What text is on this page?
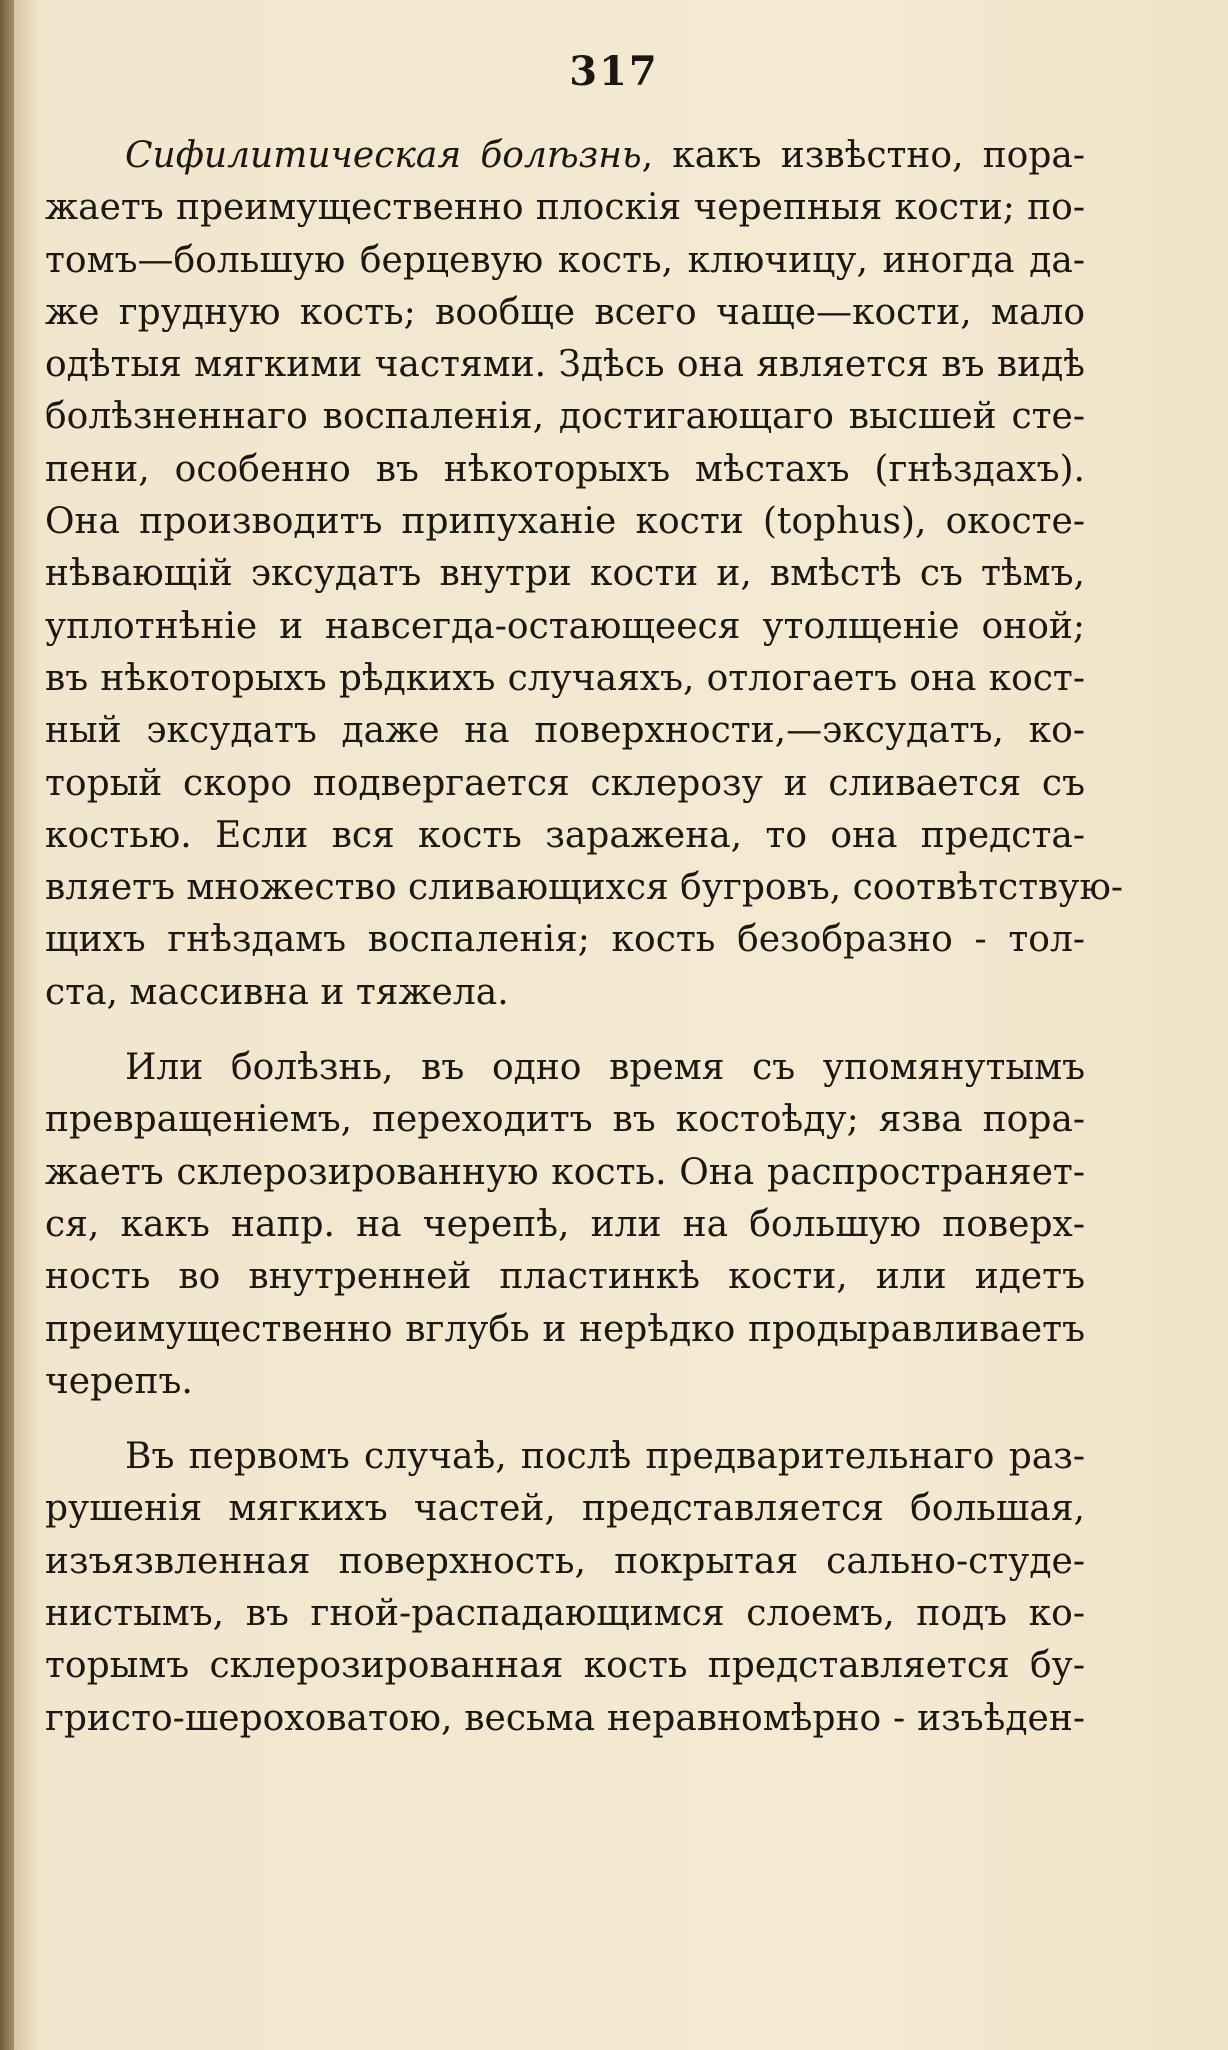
317
Сифилитическая болѣзнь, какъ извѣстно, пора-
жаетъ преимущественно плоскія черепныя кости; по-
томъ—большую берцевую кость, ключицу, иногда да-
же грудную кость; вообще всего чаще—кости, мало
одѣтыя мягкими частями. Здѣсь она является въ видѣ
болѣзненнаго воспаленія, достигающаго высшей сте-
пени, особенно въ нѣкоторыхъ мѣстахъ (гнѣздахъ).
Она производитъ припуханіе кости (tophus), окосте-
нѣвающій эксудатъ внутри кости и, вмѣстѣ съ тѣмъ,
уплотнѣніе и навсегда-остающееся утолщеніе оной;
въ нѣкоторыхъ рѣдкихъ случаяхъ, отлогаетъ она кост-
ный эксудатъ даже на поверхности,—эксудатъ, ко-
торый скоро подвергается склерозу и сливается съ
костью. Если вся кость заражена, то она предста-
вляетъ множество сливающихся бугровъ, соотвѣтствую-
щихъ гнѣздамъ воспаленія; кость безобразно - тол-
ста, массивна и тяжела.
Или болѣзнь, въ одно время съ упомянутымъ
превращеніемъ, переходитъ въ костоѣду; язва пора-
жаетъ склерозированную кость. Она распространяет-
ся, какъ напр. на черепѣ, или на большую поверх-
ность во внутренней пластинкѣ кости, или идетъ
преимущественно вглубь и нерѣдко продыравливаетъ
черепъ.
Въ первомъ случаѣ, послѣ предварительнаго раз-
рушенія мягкихъ частей, представляется большая,
изъязвленная поверхность, покрытая сально-студе-
нистымъ, въ гной-распадающимся слоемъ, подъ ко-
торымъ склерозированная кость представляется бу-
гристо-шероховатою, весьма неравномѣрно - изъѣден-
